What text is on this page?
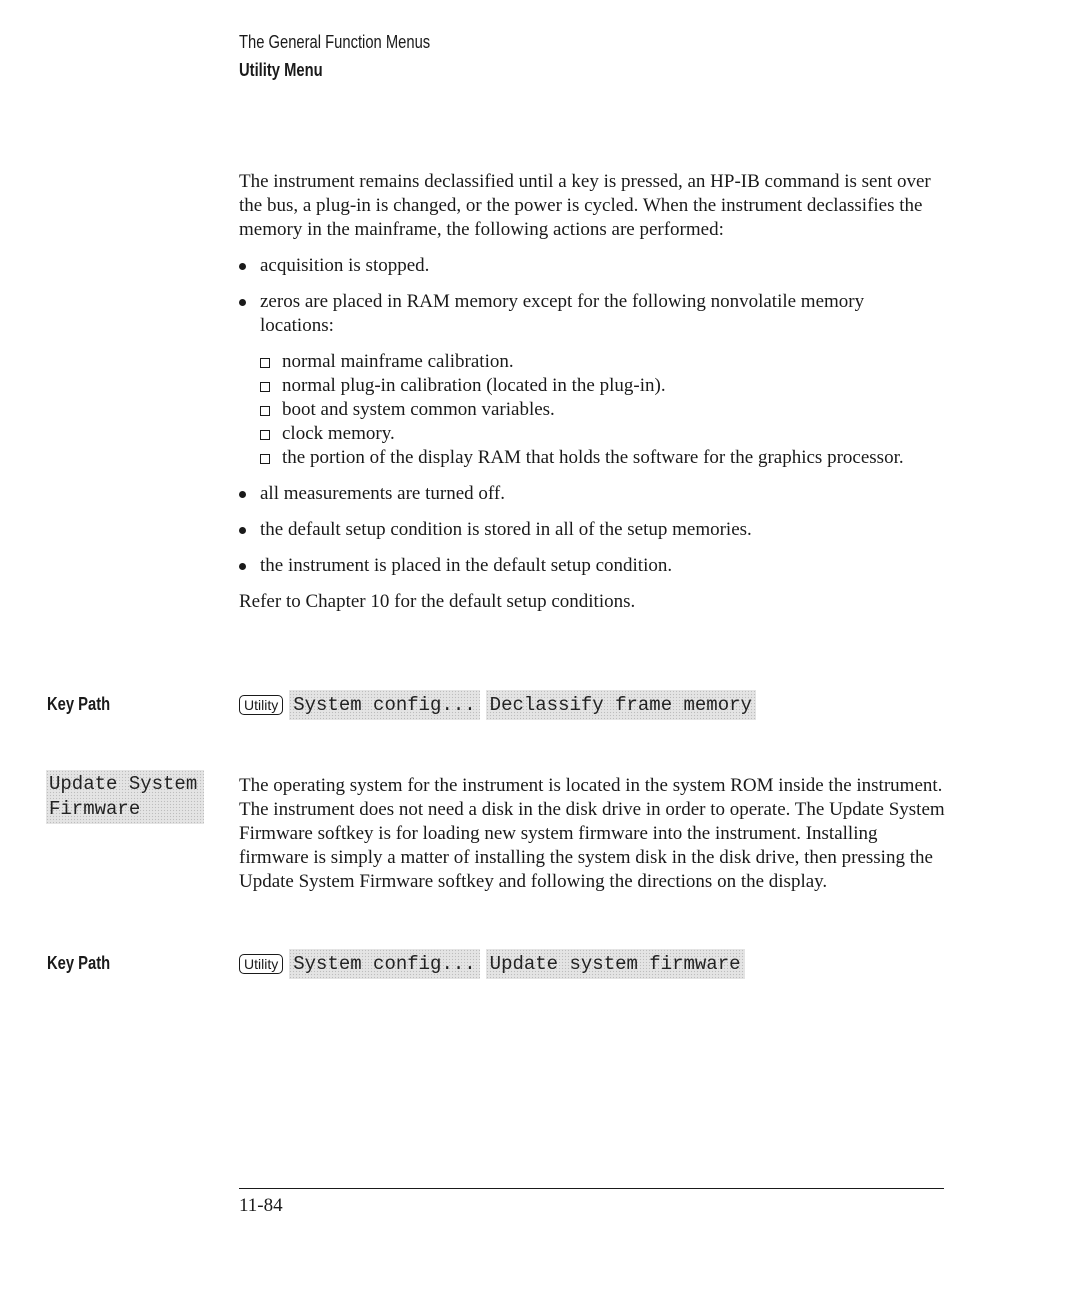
The General Function Menus
Utility Menu

The instrument remains declassified until a key is pressed, an HP-IB command is sent over the bus, a plug-in is changed, or the power is cycled. When the instrument declassifies the memory in the mainframe, the following actions are performed:

acquisition is stopped.
zeros are placed in RAM memory except for the following nonvolatile memory locations:
normal mainframe calibration.
normal plug-in calibration (located in the plug-in).
boot and system common variables.
clock memory.
the portion of the display RAM that holds the software for the graphics processor.
all measurements are turned off.
the default setup condition is stored in all of the setup memories.
the instrument is placed in the default setup condition.

Refer to Chapter 10 for the default setup conditions.

Key Path	Utility System config... Declassify frame memory
Update System
Firmware

The operating system for the instrument is located in the system ROM inside the instrument. The instrument does not need a disk in the disk drive in order to operate. The Update System Firmware softkey is for loading new system firmware into the instrument. Installing firmware is simply a matter of installing the system disk in the disk drive, then pressing the Update System Firmware softkey and following the directions on the display.

Key Path	Utility System config... Update system firmware
11-84
